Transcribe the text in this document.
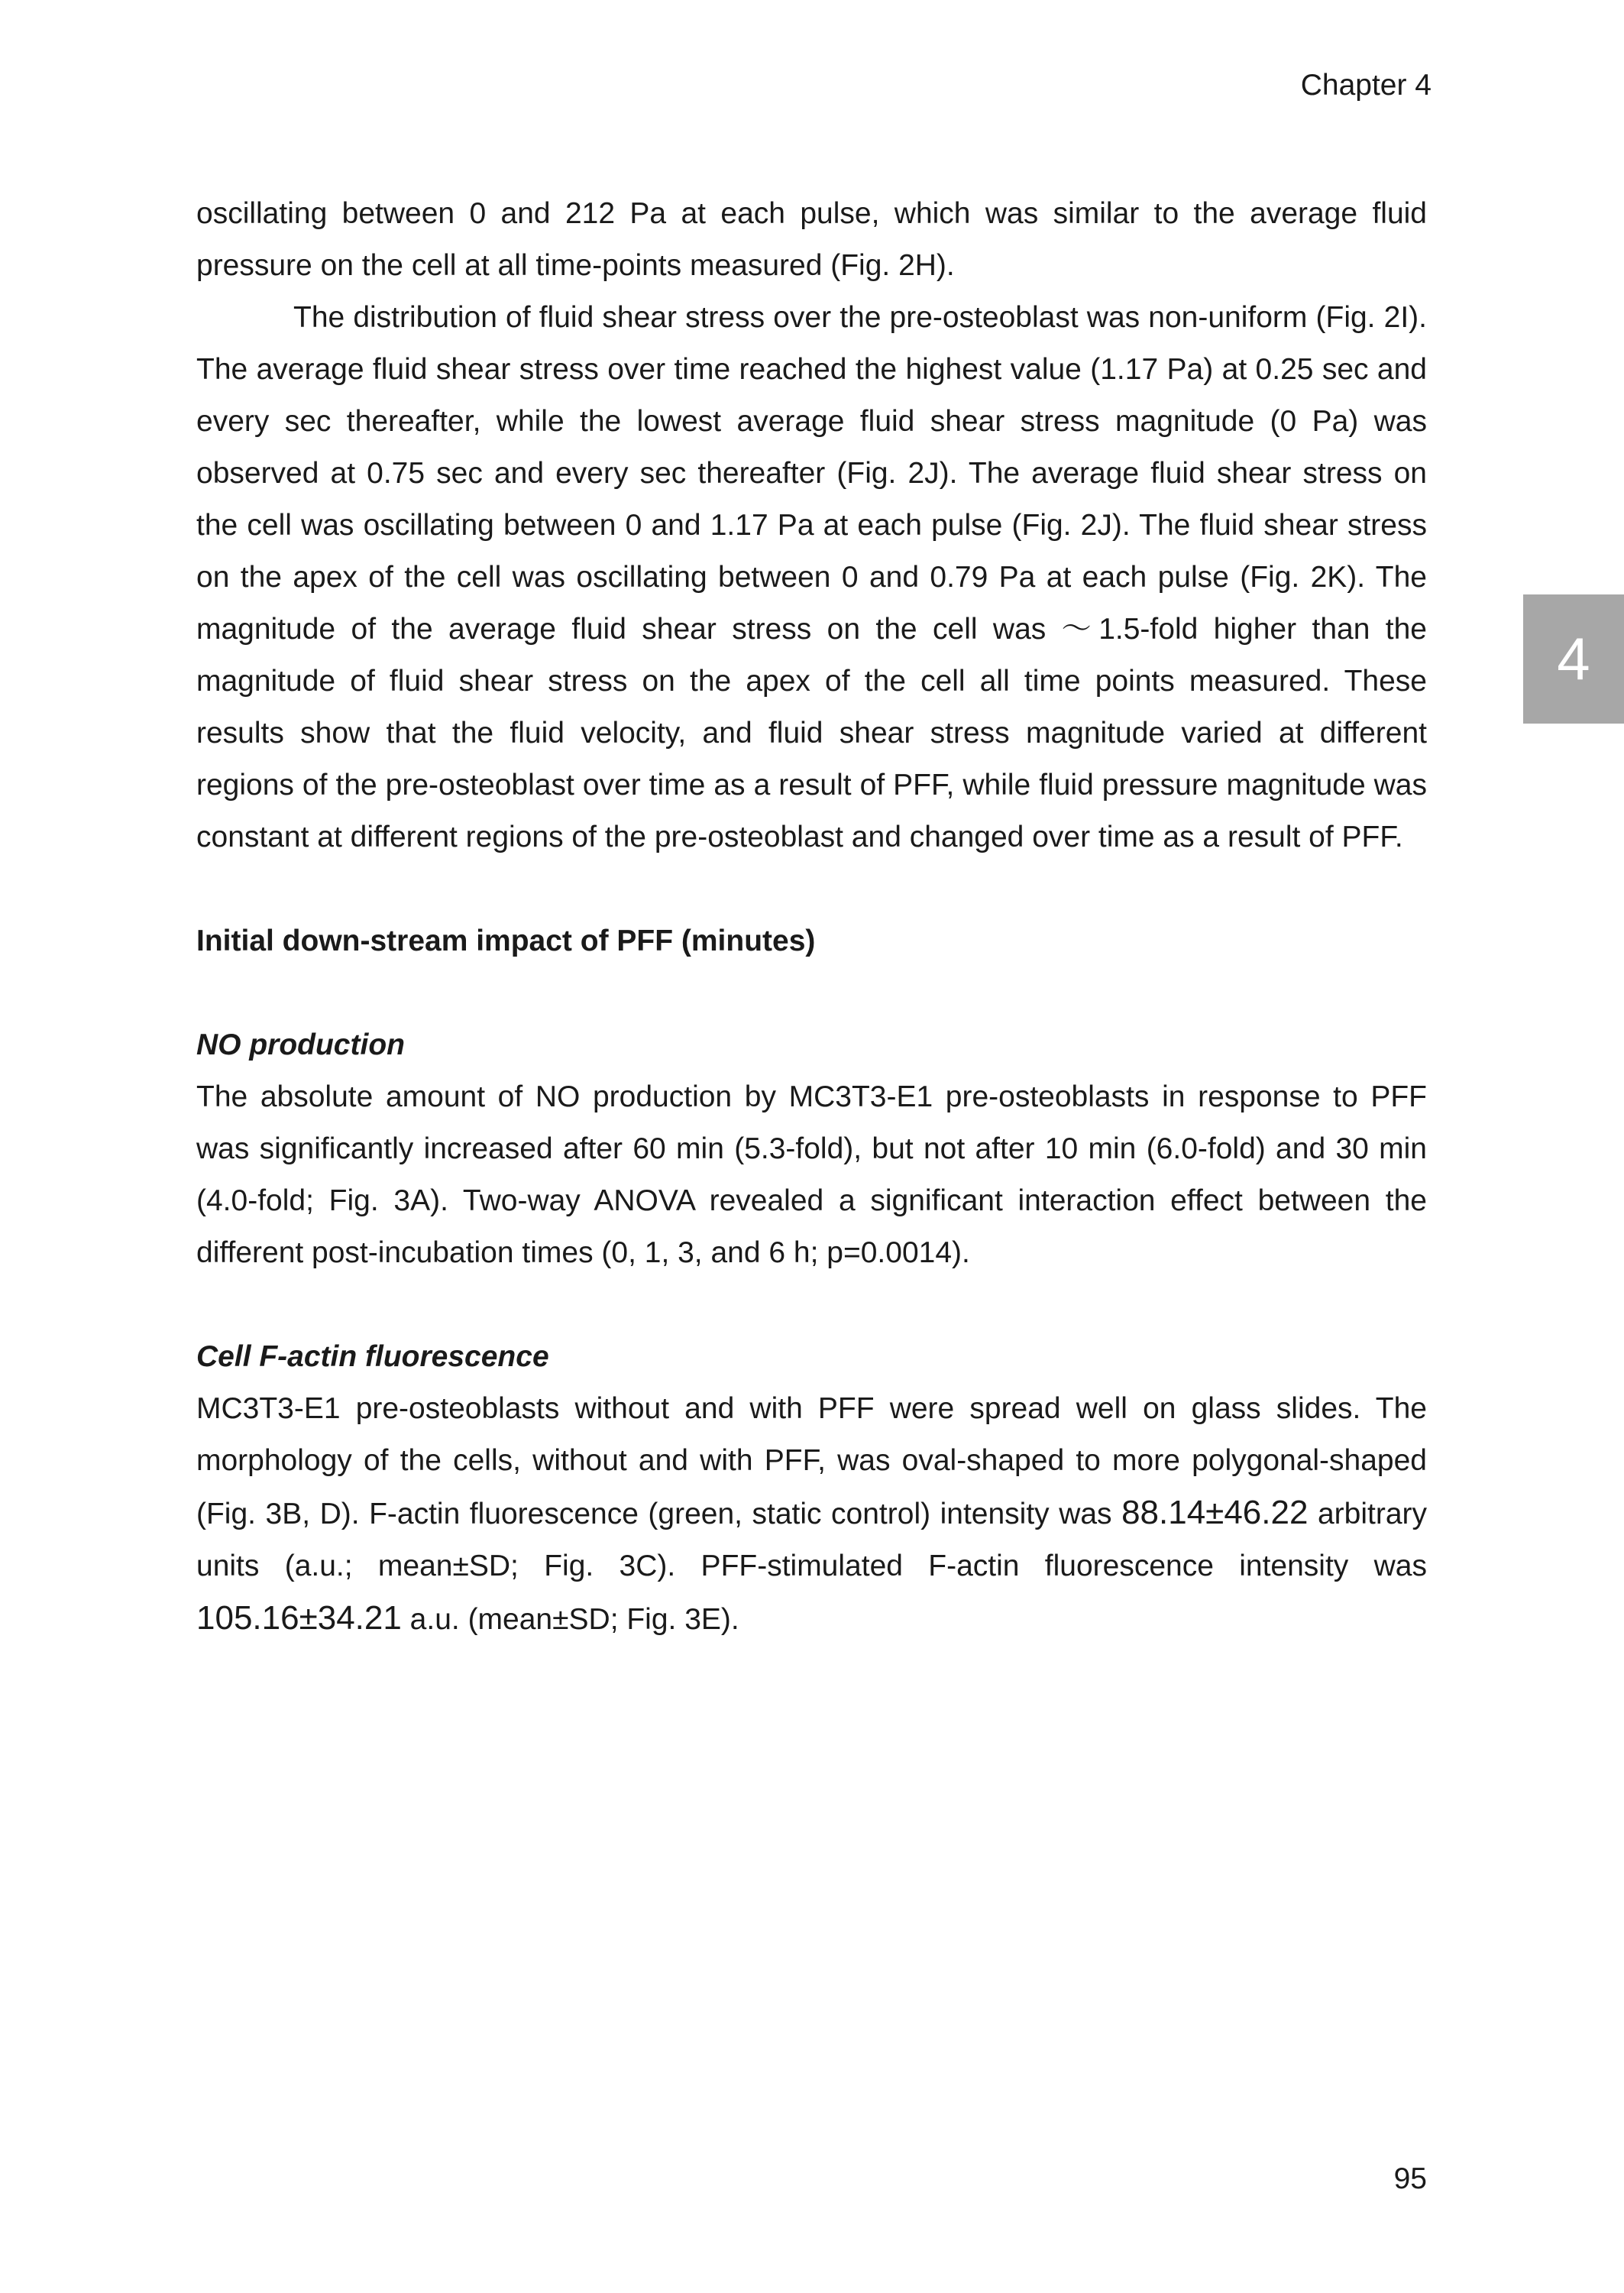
Chapter 4
4

oscillating between 0 and 212 Pa at each pulse, which was similar to the average fluid pressure on the cell at all time-points measured (Fig. 2H).

The distribution of fluid shear stress over the pre-osteoblast was non-uniform (Fig. 2I). The average fluid shear stress over time reached the highest value (1.17 Pa) at 0.25 sec and every sec thereafter, while the lowest average fluid shear stress magnitude (0 Pa) was observed at 0.75 sec and every sec thereafter (Fig. 2J). The average fluid shear stress on the cell was oscillating between 0 and 1.17 Pa at each pulse (Fig. 2J). The fluid shear stress on the apex of the cell was oscillating between 0 and 0.79 Pa at each pulse (Fig. 2K). The magnitude of the average fluid shear stress on the cell was ～1.5-fold higher than the magnitude of fluid shear stress on the apex of the cell all time points measured. These results show that the fluid velocity, and fluid shear stress magnitude varied at different regions of the pre-osteoblast over time as a result of PFF, while fluid pressure magnitude was constant at different regions of the pre-osteoblast and changed over time as a result of PFF.

Initial down-stream impact of PFF (minutes)

NO production

The absolute amount of NO production by MC3T3-E1 pre-osteoblasts in response to PFF was significantly increased after 60 min (5.3-fold), but not after 10 min (6.0-fold) and 30 min (4.0-fold; Fig. 3A). Two-way ANOVA revealed a significant interaction effect between the different post-incubation times (0, 1, 3, and 6 h; p=0.0014).

Cell F-actin fluorescence

MC3T3-E1 pre-osteoblasts without and with PFF were spread well on glass slides. The morphology of the cells, without and with PFF, was oval-shaped to more polygonal-shaped (Fig. 3B, D). F-actin fluorescence (green, static control) intensity was 88.14±46.22 arbitrary units (a.u.; mean±SD; Fig. 3C). PFF-stimulated F-actin fluorescence intensity was 105.16±34.21 a.u. (mean±SD; Fig. 3E).

95
